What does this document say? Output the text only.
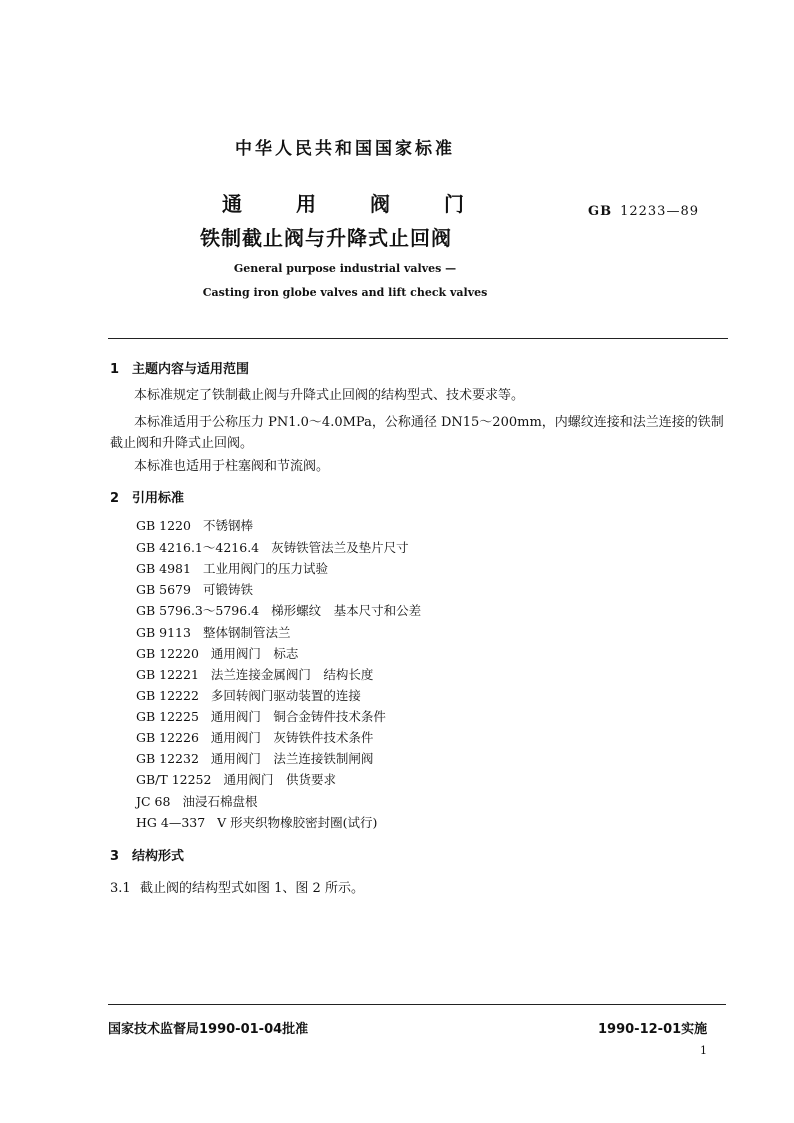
中华人民共和国国家标准
通	用	阀	门
铁制截止阀与升降式止回阀
GB 12233—89
General purpose industrial valves —
Casting iron globe valves and lift check valves
1 主题内容与适用范围
本标准规定了铁制截止阀与升降式止回阀的结构型式、技术要求等。
本标准适用于公称压力 PN1.0～4.0MPa，公称通径 DN15～200mm，内螺纹连接和法兰连接的铁制
截止阀和升降式止回阀。
本标准也适用于柱塞阀和节流阀。
2 引用标准
GB 1220 不锈钢棒
GB 4216.1～4216.4 灰铸铁管法兰及垫片尺寸
GB 4981 工业用阀门的压力试验
GB 5679 可锻铸铁
GB 5796.3～5796.4 梯形螺纹　基本尺寸和公差
GB 9113 整体钢制管法兰
GB 12220 通用阀门　标志
GB 12221 法兰连接金属阀门　结构长度
GB 12222 多回转阀门驱动装置的连接
GB 12225 通用阀门　铜合金铸件技术条件
GB 12226 通用阀门　灰铸铁件技术条件
GB 12232 通用阀门　法兰连接铁制闸阀
GB/T 12252 通用阀门　供货要求
JC 68 油浸石棉盘根
HG 4—337 V 形夹织物橡胶密封圈(试行)
3 结构形式
3.1 截止阀的结构型式如图 1、图 2 所示。
国家技术监督局1990-01-04批准	1990-12-01实施
1
